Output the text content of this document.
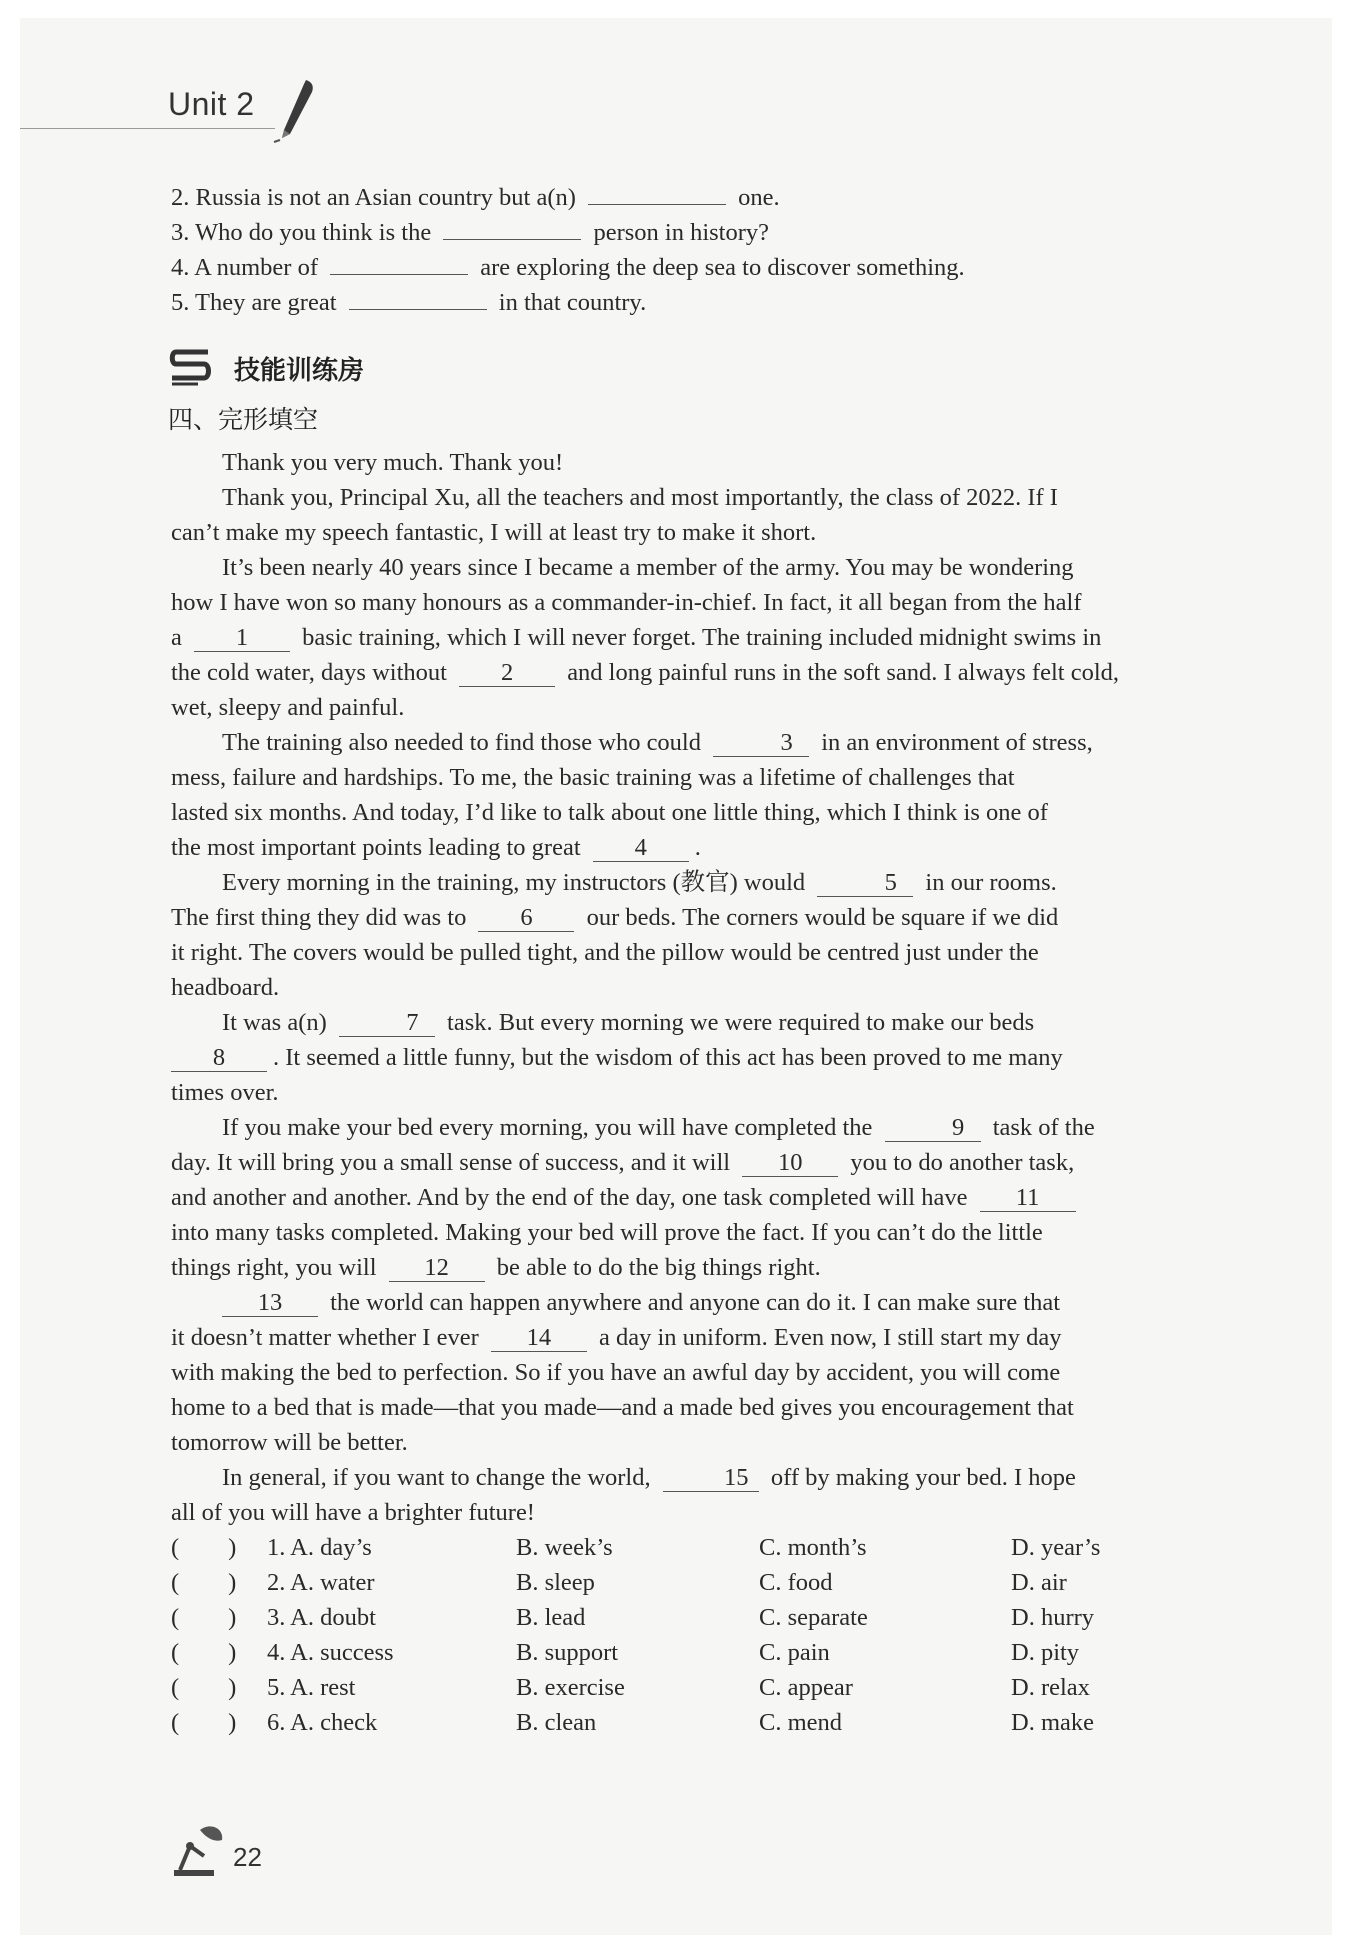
Unit 2
2. Russia is not an Asian country but a(n)	one.
3. Who do you think is the	person in history?
4. A number of	are exploring the deep sea to discover something.
5. They are great	in that country.
技能训练房
四、完形填空
Thank you very much. Thank you!
Thank you, Principal Xu, all the teachers and most importantly, the class of 2022. If I
can’t make my speech fantastic, I will at least try to make it short.
It’s been nearly 40 years since I became a member of the army. You may be wondering
how I have won so many honours as a commander-in-chief. In fact, it all began from the half
a 1 basic training, which I will never forget. The training included midnight swims in
the cold water, days without 2 and long painful runs in the soft sand. I always felt cold,
wet, sleepy and painful.
The training also needed to find those who could	3 in an environment of stress,
mess, failure and hardships. To me, the basic training was a lifetime of challenges that
lasted six months. And today, I’d like to talk about one little thing, which I think is one of
the most important points leading to great 4 .
Every morning in the training, my instructors (教官) would	5 in our rooms.
The first thing they did was to 6 our beds. The corners would be square if we did
it right. The covers would be pulled tight, and the pillow would be centred just under the
headboard.
It was a(n)	7 task. But every morning we were required to make our beds
8 . It seemed a little funny, but the wisdom of this act has been proved to me many
times over.
If you make your bed every morning, you will have completed the	9 task of the
day. It will bring you a small sense of success, and it will 10 you to do another task,
and another and another. And by the end of the day, one task completed will have 11
into many tasks completed. Making your bed will prove the fact. If you can’t do the little
things right, you will 12 be able to do the big things right.
13 the world can happen anywhere and anyone can do it. I can make sure that
it doesn’t matter whether I ever 14 a day in uniform. Even now, I still start my day
with making the bed to perfection. So if you have an awful day by accident, you will come
home to a bed that is made—that you made—and a made bed gives you encouragement that
tomorrow will be better.
In general, if you want to change the world,	15 off by making your bed. I hope
all of you will have a brighter future!
(　　) 1. A. day’s	B. week’s	C. month’s	D. year’s
(　　) 2. A. water	B. sleep	C. food	D. air
(　　) 3. A. doubt	B. lead	C. separate	D. hurry
(　　) 4. A. success	B. support	C. pain	D. pity
(　　) 5. A. rest	B. exercise	C. appear	D. relax
(　　) 6. A. check	B. clean	C. mend	D. make
22
